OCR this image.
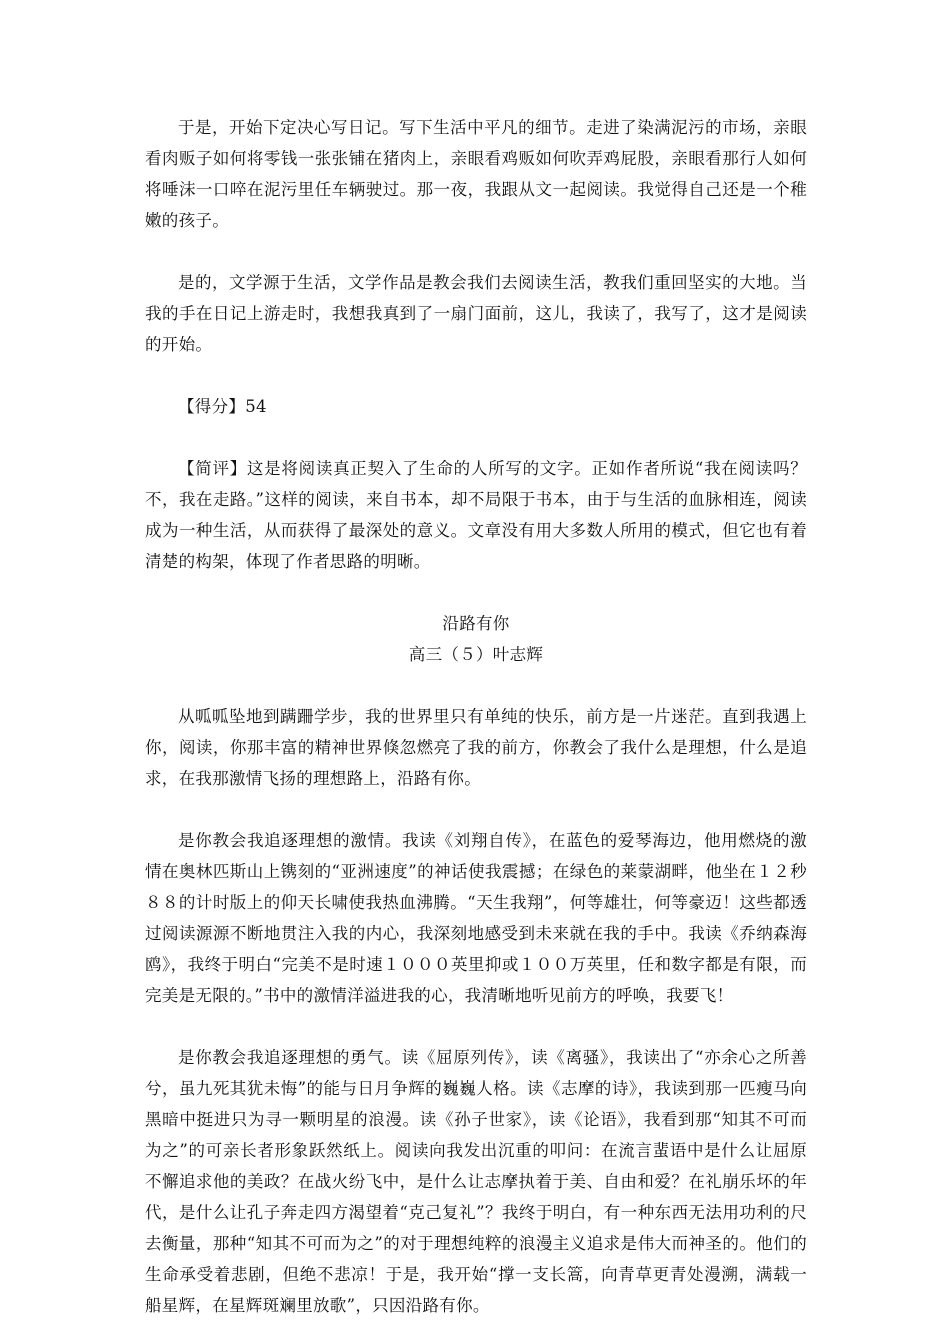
于是，开始下定决心写日记。写下生活中平凡的细节。走进了染满泥污的市场，亲眼看肉贩子如何将零钱一张张铺在猪肉上，亲眼看鸡贩如何吹弄鸡屁股，亲眼看那行人如何将唾沫一口啐在泥污里任车辆驶过。那一夜，我跟从文一起阅读。我觉得自己还是一个稚嫩的孩子。

是的，文学源于生活，文学作品是教会我们去阅读生活，教我们重回坚实的大地。当我的手在日记上游走时，我想我真到了一扇门面前，这儿，我读了，我写了，这才是阅读的开始。

【得分】54

【简评】这是将阅读真正契入了生命的人所写的文字。正如作者所说“我在阅读吗？不，我在走路。”这样的阅读，来自书本，却不局限于书本，由于与生活的血脉相连，阅读成为一种生活，从而获得了最深处的意义。文章没有用大多数人所用的模式，但它也有着清楚的构架，体现了作者思路的明晰。

沿路有你

高三（５）叶志辉

从呱呱坠地到蹒跚学步，我的世界里只有单纯的快乐，前方是一片迷茫。直到我遇上你，阅读，你那丰富的精神世界倏忽燃亮了我的前方，你教会了我什么是理想，什么是追求，在我那激情飞扬的理想路上，沿路有你。

是你教会我追逐理想的激情。我读《刘翔自传》，在蓝色的爱琴海边，他用燃烧的激情在奥林匹斯山上镌刻的“亚洲速度”的神话使我震撼；在绿色的莱蒙湖畔，他坐在１２秒８８的计时版上的仰天长啸使我热血沸腾。“天生我翔”，何等雄壮，何等豪迈！这些都透过阅读源源不断地贯注入我的内心，我深刻地感受到未来就在我的手中。我读《乔纳森海鸥》，我终于明白“完美不是时速１０００英里抑或１００万英里，任和数字都是有限，而完美是无限的。”书中的激情洋溢进我的心，我清晰地听见前方的呼唤，我要飞！

是你教会我追逐理想的勇气。读《屈原列传》，读《离骚》，我读出了“亦余心之所善兮，虽九死其犹未悔”的能与日月争辉的巍巍人格。读《志摩的诗》，我读到那一匹瘦马向黑暗中挺进只为寻一颗明星的浪漫。读《孙子世家》，读《论语》，我看到那“知其不可而为之”的可亲长者形象跃然纸上。阅读向我发出沉重的叩问：在流言蜚语中是什么让屈原不懈追求他的美政？在战火纷飞中，是什么让志摩执着于美、自由和爱？在礼崩乐坏的年代，是什么让孔子奔走四方渴望着“克己复礼”？我终于明白，有一种东西无法用功利的尺去衡量，那种“知其不可而为之”的对于理想纯粹的浪漫主义追求是伟大而神圣的。他们的生命承受着悲剧，但绝不悲凉！于是，我开始“撑一支长篙，向青草更青处漫溯，满载一船星辉，在星辉斑斓里放歌”，只因沿路有你。
